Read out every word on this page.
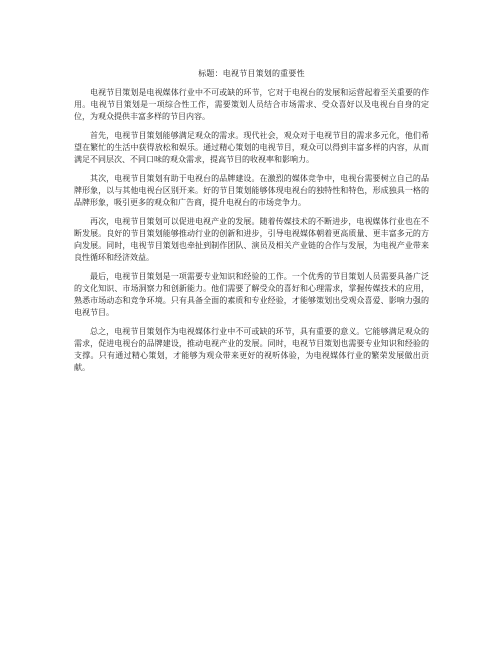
标题：电视节目策划的重要性

电视节目策划是电视媒体行业中不可或缺的环节，它对于电视台的发展和运营起着至关重要的作用。电视节目策划是一项综合性工作，需要策划人员结合市场需求、受众喜好以及电视台自身的定位，为观众提供丰富多样的节目内容。

首先，电视节目策划能够满足观众的需求。现代社会，观众对于电视节目的需求多元化，他们希望在繁忙的生活中获得放松和娱乐。通过精心策划的电视节目，观众可以得到丰富多样的内容，从而满足不同层次、不同口味的观众需求，提高节目的收视率和影响力。

其次，电视节目策划有助于电视台的品牌建设。在激烈的媒体竞争中，电视台需要树立自己的品牌形象，以与其他电视台区别开来。好的节目策划能够体现电视台的独特性和特色，形成独具一格的品牌形象，吸引更多的观众和广告商，提升电视台的市场竞争力。

再次，电视节目策划可以促进电视产业的发展。随着传媒技术的不断进步，电视媒体行业也在不断发展。良好的节目策划能够推动行业的创新和进步，引导电视媒体朝着更高质量、更丰富多元的方向发展。同时，电视节目策划也牵扯到制作团队、演员及相关产业链的合作与发展，为电视产业带来良性循环和经济效益。

最后，电视节目策划是一项需要专业知识和经验的工作。一个优秀的节目策划人员需要具备广泛的文化知识、市场洞察力和创新能力。他们需要了解受众的喜好和心理需求，掌握传媒技术的应用，熟悉市场动态和竞争环境。只有具备全面的素质和专业经验，才能够策划出受观众喜爱、影响力强的电视节目。

总之，电视节目策划作为电视媒体行业中不可或缺的环节，具有重要的意义。它能够满足观众的需求，促进电视台的品牌建设，推动电视产业的发展。同时，电视节目策划也需要专业知识和经验的支撑。只有通过精心策划，才能够为观众带来更好的视听体验，为电视媒体行业的繁荣发展做出贡献。
